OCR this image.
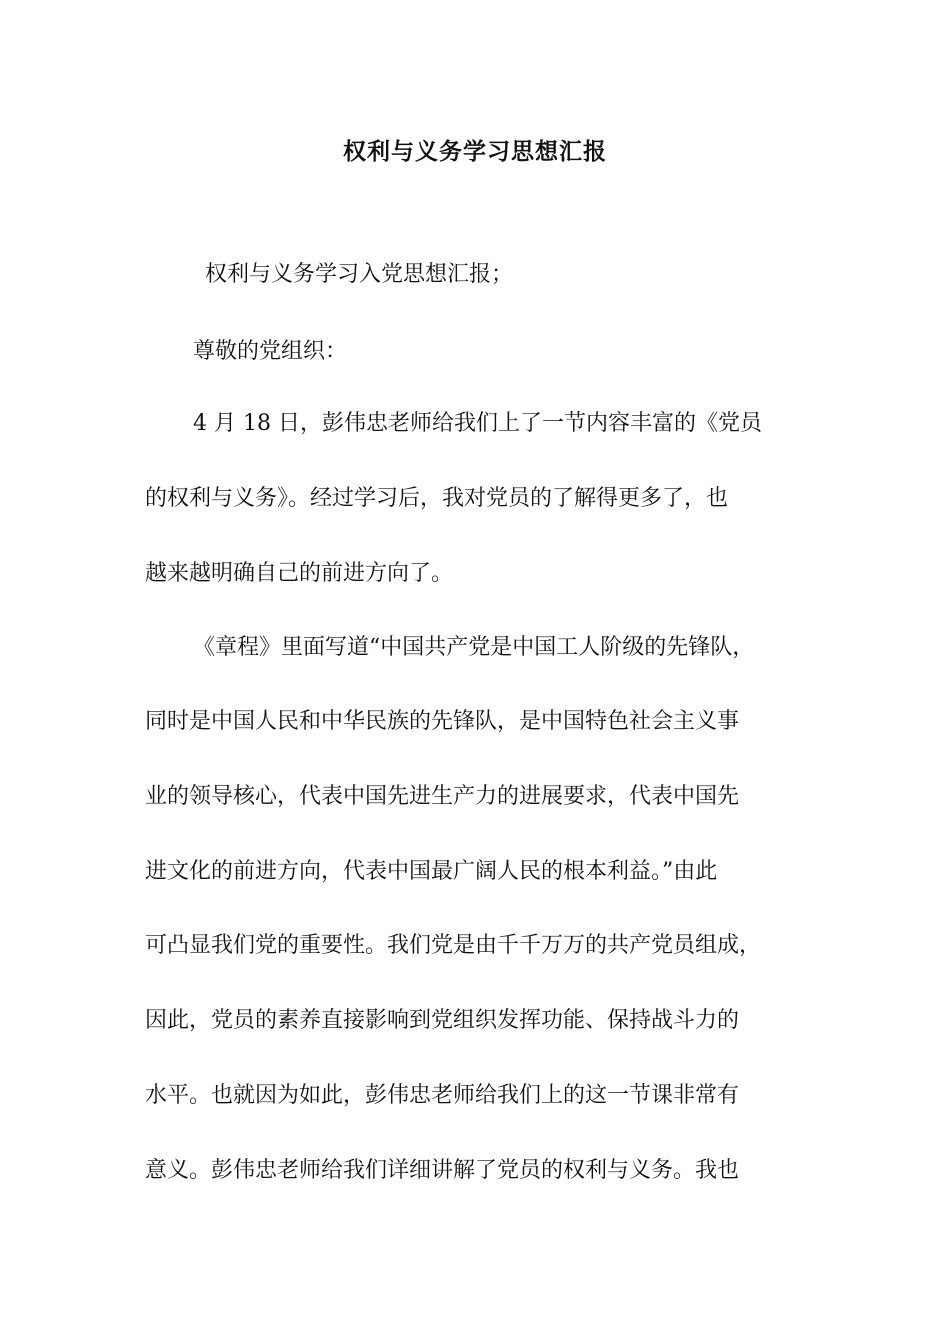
权利与义务学习思想汇报
权利与义务学习入党思想汇报；
尊敬的党组织：
4 月 18 日，彭伟忠老师给我们上了一节内容丰富的《党员
的权利与义务》。经过学习后，我对党员的了解得更多了，也
越来越明确自己的前进方向了。
《章程》里面写道“中国共产党是中国工人阶级的先锋队，
同时是中国人民和中华民族的先锋队，是中国特色社会主义事
业的领导核心，代表中国先进生产力的进展要求，代表中国先
进文化的前进方向，代表中国最广阔人民的根本利益。”由此
可凸显我们党的重要性。我们党是由千千万万的共产党员组成，
因此，党员的素养直接影响到党组织发挥功能、保持战斗力的
水平。也就因为如此，彭伟忠老师给我们上的这一节课非常有
意义。彭伟忠老师给我们详细讲解了党员的权利与义务。我也
